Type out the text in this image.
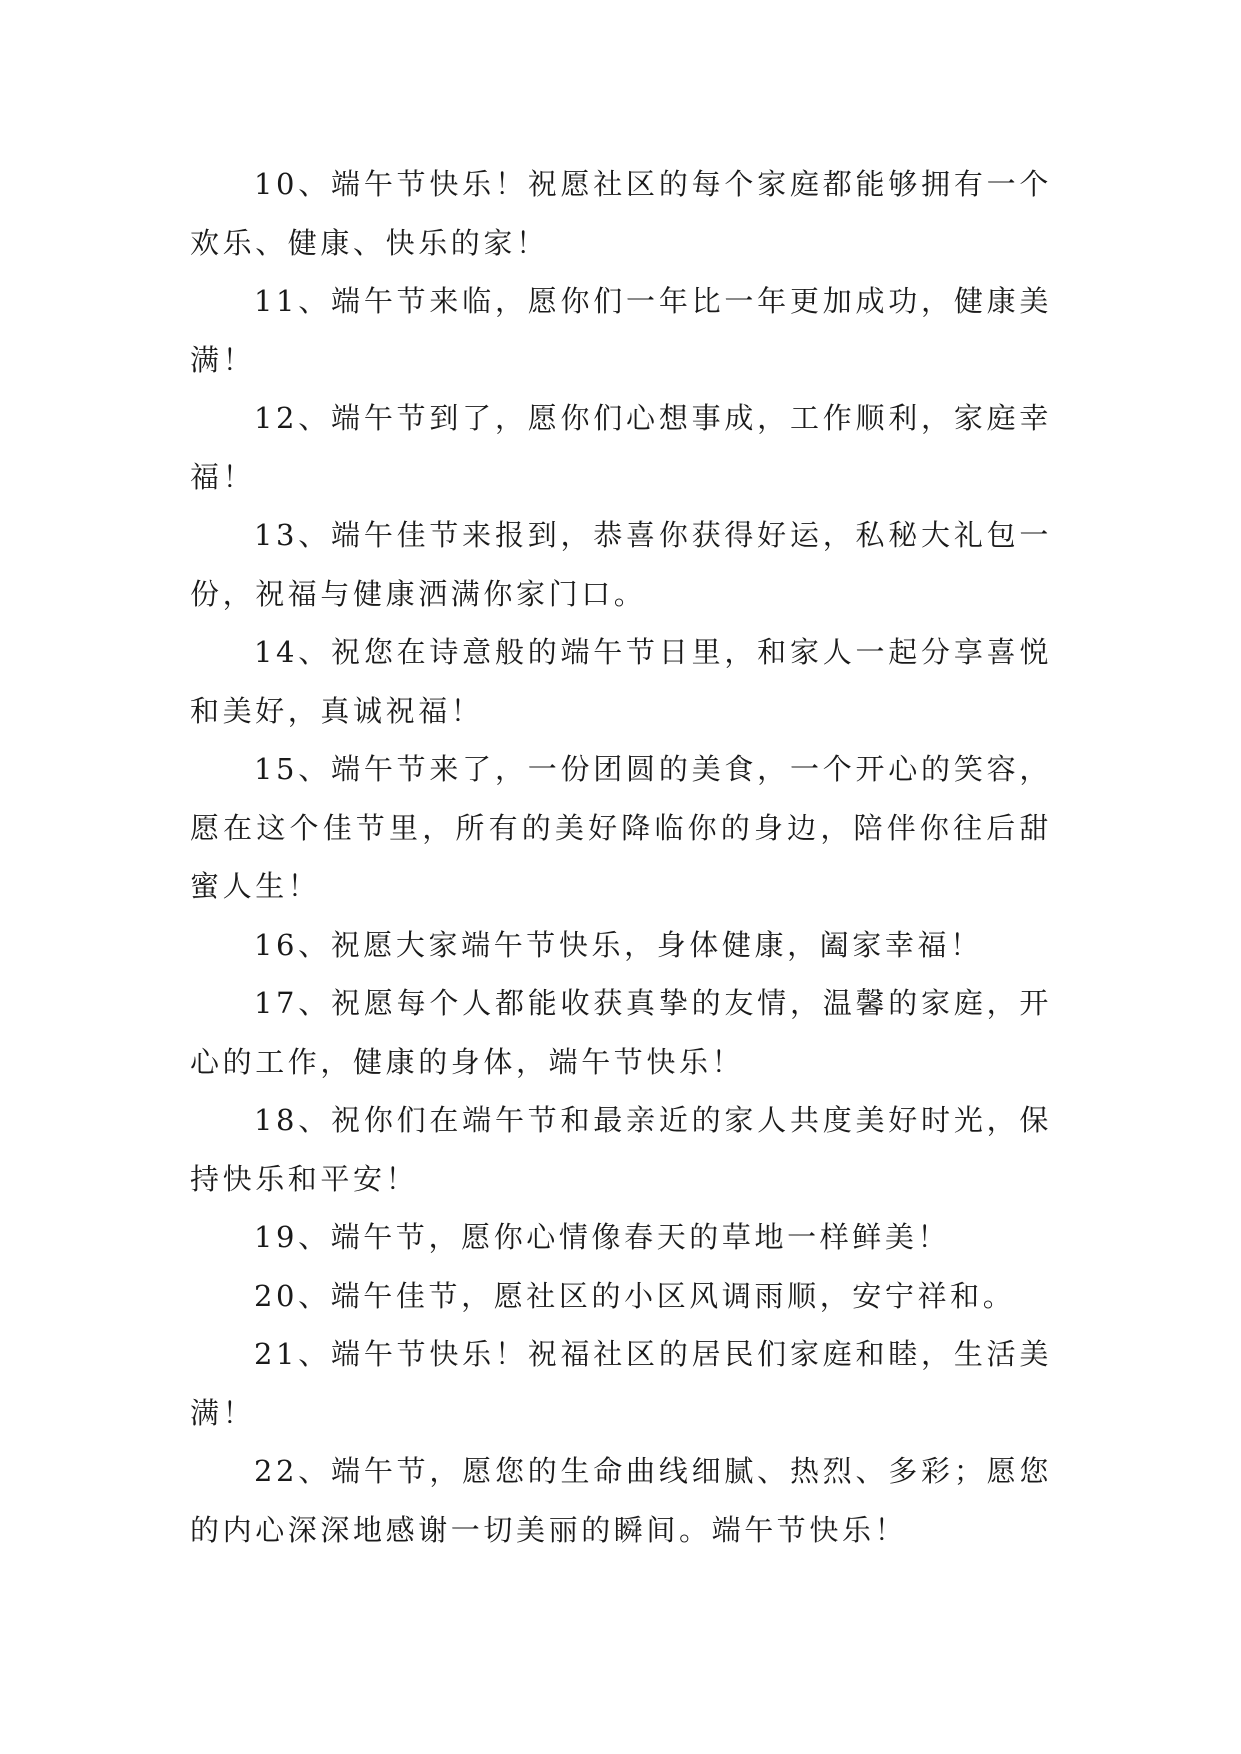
10、端午节快乐！祝愿社区的每个家庭都能够拥有一个欢乐、健康、快乐的家！

11、端午节来临，愿你们一年比一年更加成功，健康美满！

12、端午节到了，愿你们心想事成，工作顺利，家庭幸福！

13、端午佳节来报到，恭喜你获得好运，私秘大礼包一份，祝福与健康洒满你家门口。

14、祝您在诗意般的端午节日里，和家人一起分享喜悦和美好，真诚祝福！

15、端午节来了，一份团圆的美食，一个开心的笑容，愿在这个佳节里，所有的美好降临你的身边，陪伴你往后甜蜜人生！

16、祝愿大家端午节快乐，身体健康，阖家幸福！

17、祝愿每个人都能收获真挚的友情，温馨的家庭，开心的工作，健康的身体，端午节快乐！

18、祝你们在端午节和最亲近的家人共度美好时光，保持快乐和平安！

19、端午节，愿你心情像春天的草地一样鲜美！

20、端午佳节，愿社区的小区风调雨顺，安宁祥和。

21、端午节快乐！祝福社区的居民们家庭和睦，生活美满！

22、端午节，愿您的生命曲线细腻、热烈、多彩；愿您的内心深深地感谢一切美丽的瞬间。端午节快乐！
